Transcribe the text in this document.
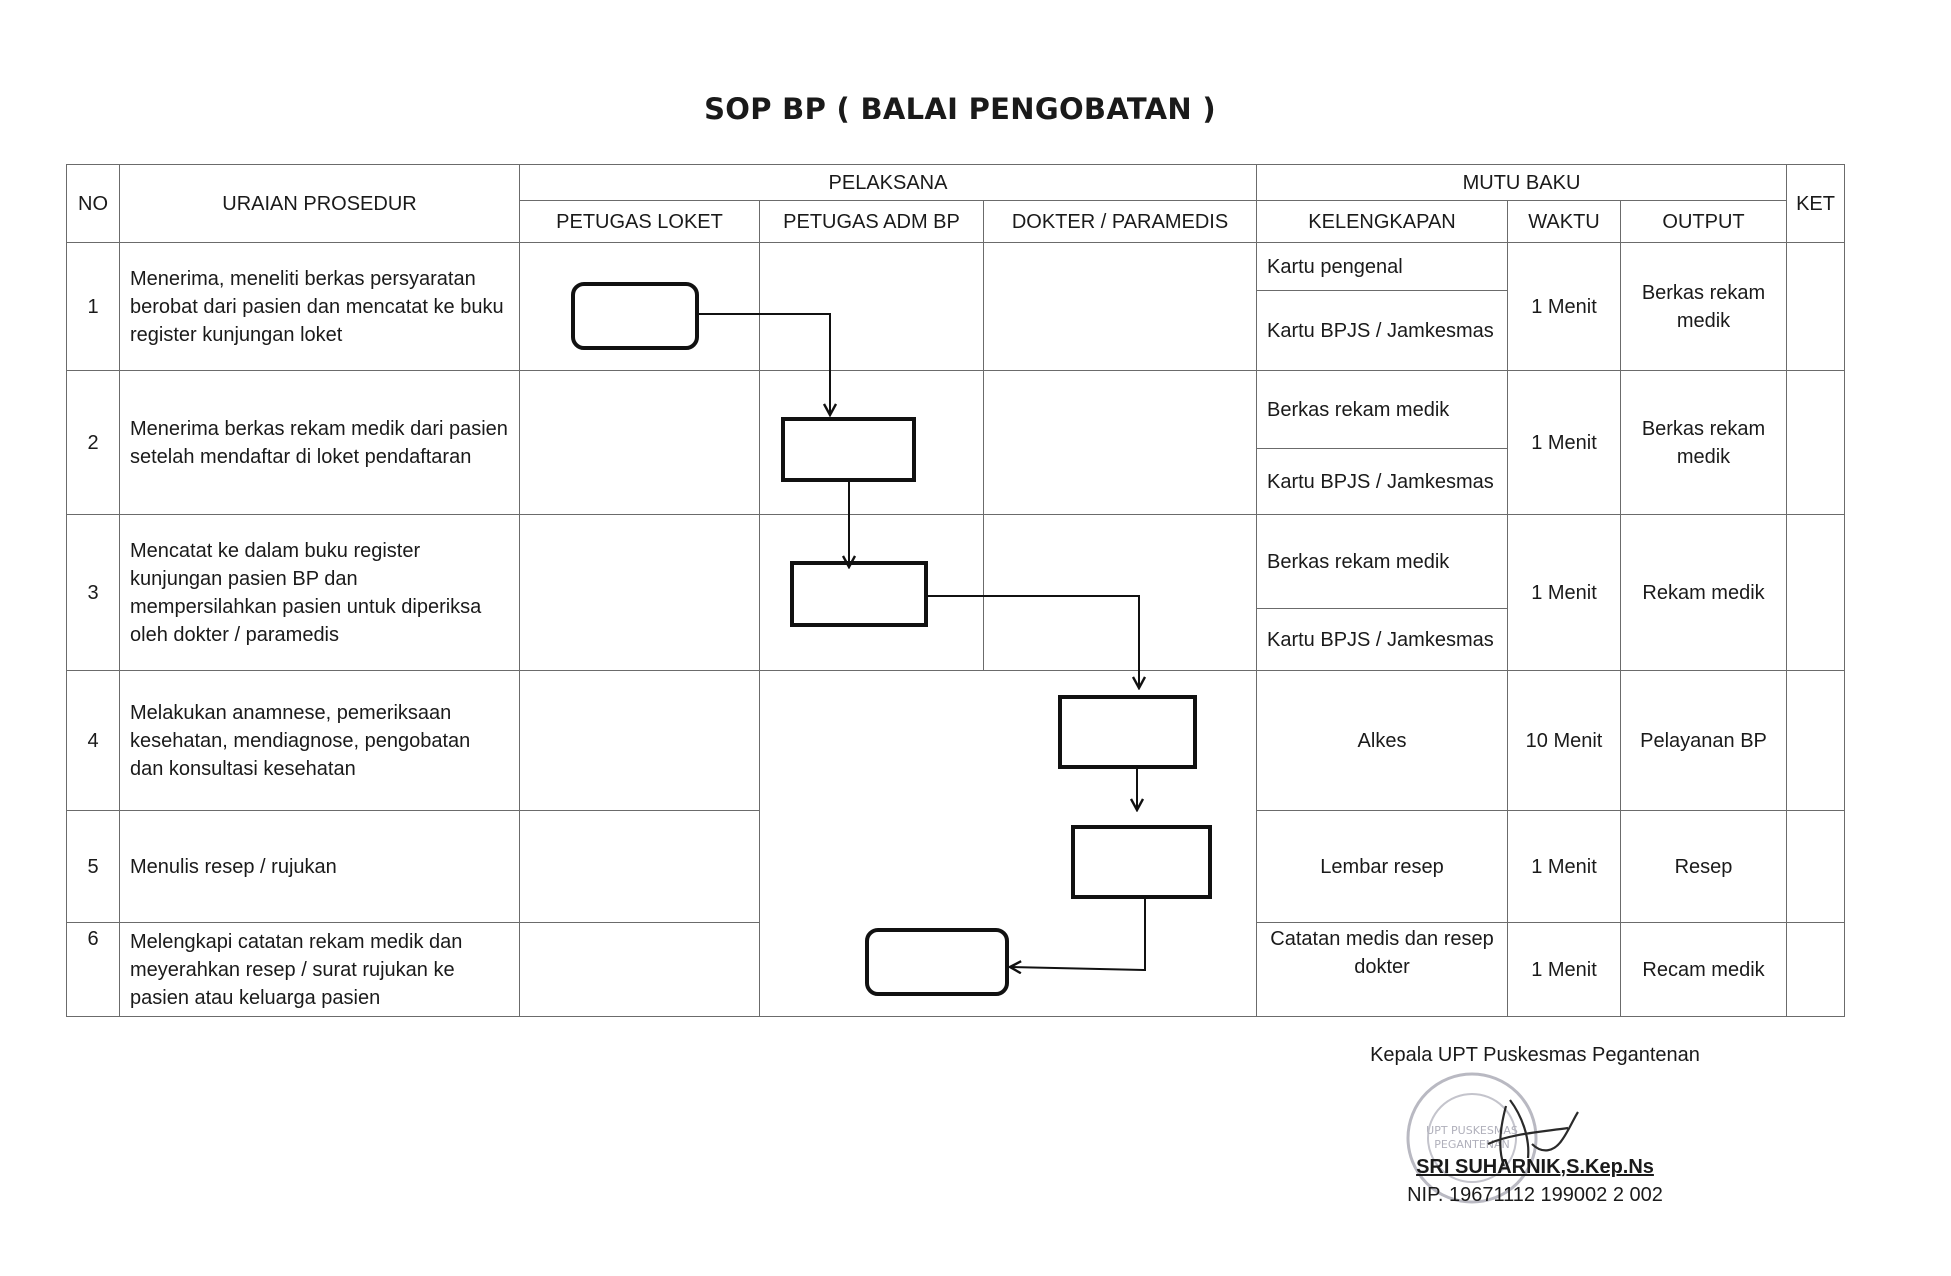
SOP BP ( BALAI PENGOBATAN )
NO	URAIAN PROSEDUR	PELAKSANA			MUTU BAKU			KET
		PETUGAS LOKET	PETUGAS ADM BP	DOKTER / PARAMEDIS	KELENGKAPAN	WAKTU	OUTPUT	
1	Menerima, meneliti berkas persyaratan berobat dari pasien dan mencatat ke buku register kunjungan loket				Kartu pengenal	1 Menit	Berkas rekam medik	
					Kartu BPJS / Jamkesmas			
2	Menerima berkas rekam medik dari pasien setelah mendaftar di loket pendaftaran				Berkas rekam medik	1 Menit	Berkas rekam medik	
					Kartu BPJS / Jamkesmas			
3	Mencatat ke dalam buku register kunjungan pasien BP dan mempersilahkan pasien untuk diperiksa oleh dokter / paramedis				Berkas rekam medik	1 Menit	Rekam medik	
					Kartu BPJS / Jamkesmas			
4	Melakukan anamnese, pemeriksaan kesehatan, mendiagnose, pengobatan dan konsultasi kesehatan				Alkes	10 Menit	Pelayanan BP	
5	Menulis resep / rujukan				Lembar resep	1 Menit	Resep	
6	Melengkapi catatan rekam medik dan meyerahkan resep / surat rujukan ke pasien atau keluarga pasien				Catatan medis dan resep dokter	1 Menit	Recam medik	
Kepala UPT Puskesmas Pegantenan
UPT PUSKESMAS
PEGANTENAN
SRI SUHARNIK,S.Kep.Ns
NIP. 19671112 199002 2 002
